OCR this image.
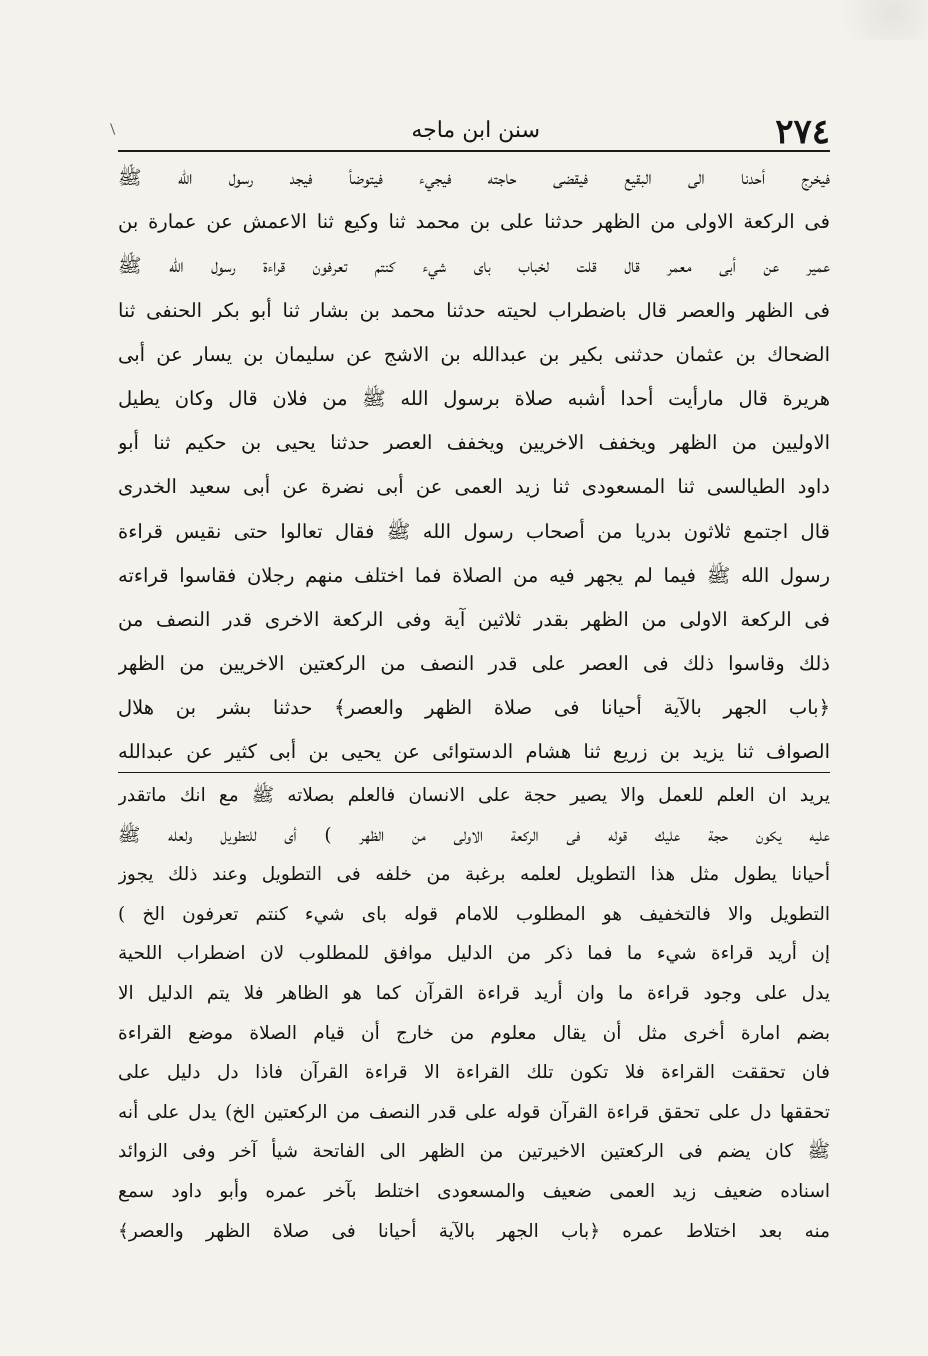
٢٧٤
سنن ابن ماجه
فيخرج أحدنا الى البقيع فيقضى حاجته فيجيء فيتوضأ فيجد رسول الله ﷺ
فى الركعة الاولى من الظهر حدثنا على بن محمد ثنا وكيع ثنا الاعمش عن عمارة بن
عمير عن أبى معمر قال قلت لخباب باى شيء كنتم تعرفون قراءة رسول الله ﷺ
فى الظهر والعصر قال باضطراب لحيته حدثنا محمد بن بشار ثنا أبو بكر الحنفى ثنا
الضحاك بن عثمان حدثنى بكير بن عبدالله بن الاشج عن سليمان بن يسار عن أبى
هريرة قال مارأيت أحدا أشبه صلاة برسول الله ﷺ من فلان قال وكان يطيل
الاوليين من الظهر ويخفف الاخريين ويخفف العصر حدثنا يحيى بن حكيم ثنا أبو
داود الطيالسى ثنا المسعودى ثنا زيد العمى عن أبى نضرة عن أبى سعيد الخدرى
قال اجتمع ثلاثون بدريا من أصحاب رسول الله ﷺ فقال تعالوا حتى نقيس قراءة
رسول الله ﷺ فيما لم يجهر فيه من الصلاة فما اختلف منهم رجلان فقاسوا قراءته
فى الركعة الاولى من الظهر بقدر ثلاثين آية وفى الركعة الاخرى قدر النصف من
ذلك وقاسوا ذلك فى العصر على قدر النصف من الركعتين الاخريين من الظهر
﴿باب الجهر بالآية أحيانا فى صلاة الظهر والعصر﴾ حدثنا بشر بن هلال
الصواف ثنا يزيد بن زريع ثنا هشام الدستوائى عن يحيى بن أبى كثير عن عبدالله
يريد ان العلم للعمل والا يصير حجة على الانسان فالعلم بصلاته ﷺ مع انك ماتقدر
عليه يكون حجة عليك قوله فى الركعة الاولى من الظهر ) أى للتطويل ولعله ﷺ
أحيانا يطول مثل هذا التطويل لعلمه برغبة من خلفه فى التطويل وعند ذلك يجوز
التطويل والا فالتخفيف هو المطلوب للامام قوله باى شيء كنتم تعرفون الخ )
إن أريد قراءة شيء ما فما ذكر من الدليل موافق للمطلوب لان اضطراب اللحية
يدل على وجود قراءة ما وان أريد قراءة القرآن كما هو الظاهر فلا يتم الدليل الا
بضم امارة أخرى مثل أن يقال معلوم من خارج أن قيام الصلاة موضع القراءة
فان تحققت القراءة فلا تكون تلك القراءة الا قراءة القرآن فاذا دل دليل على
تحققها دل على تحقق قراءة القرآن قوله على قدر النصف من الركعتين الخ) يدل على أنه
ﷺ كان يضم فى الركعتين الاخيرتين من الظهر الى الفاتحة شيأ آخر وفى الزوائد
اسناده ضعيف زيد العمى ضعيف والمسعودى اختلط بآخر عمره وأبو داود سمع
منه بعد اختلاط عمره ﴿باب الجهر بالآية أحيانا فى صلاة الظهر والعصر﴾
